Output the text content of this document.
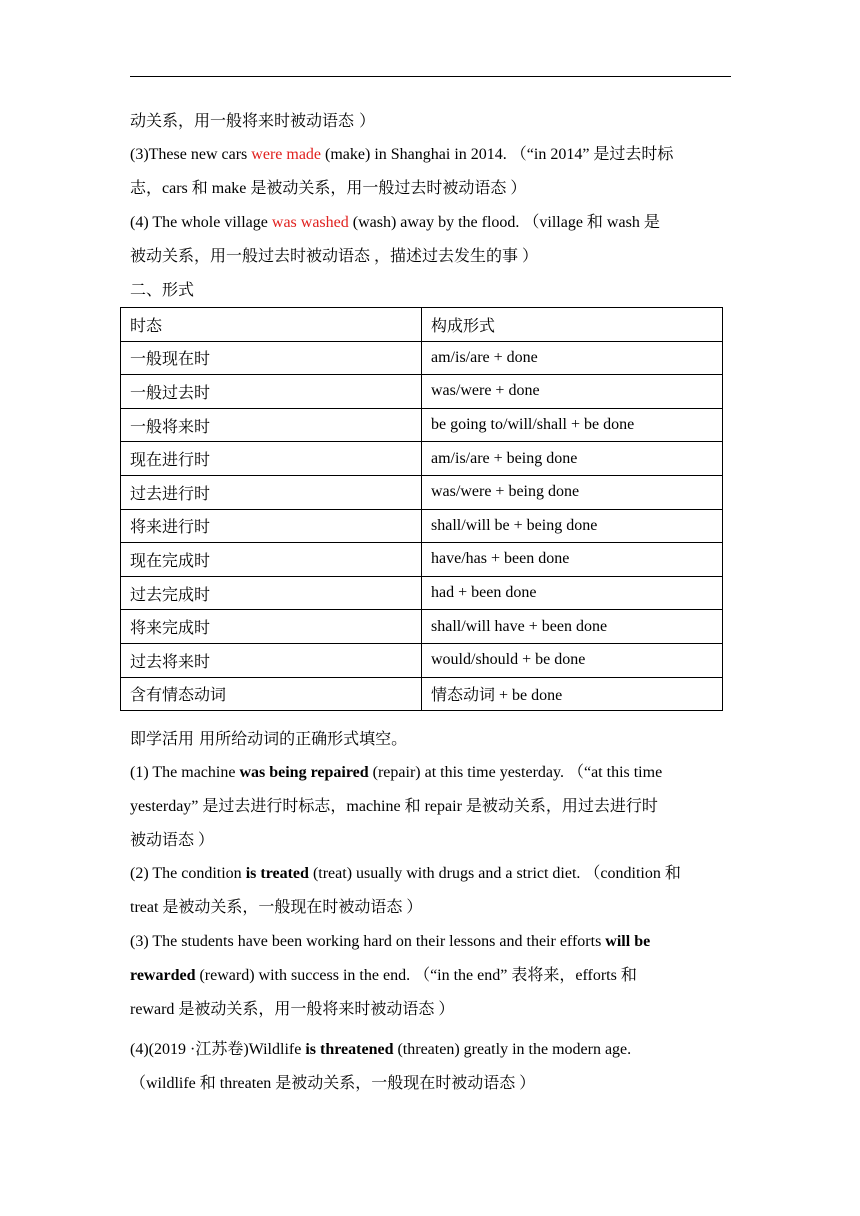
动关系，用一般将来时被动语态 ）
(3)These new cars were made (make) in Shanghai in 2014. （“in 2014” 是过去时标
志，cars 和 make 是被动关系，用一般过去时被动语态 ）
(4) The whole village was washed (wash) away by the flood. （village 和 wash 是
被动关系，用一般过去时被动语态 ，描述过去发生的事 ）
二、形式
时态	构成形式
一般现在时	am/is/are + done
一般过去时	was/were + done
一般将来时	be going to/will/shall + be done
现在进行时	am/is/are + being done
过去进行时	was/were + being done
将来进行时	shall/will be + being done
现在完成时	have/has + been done
过去完成时	had + been done
将来完成时	shall/will have + been done
过去将来时	would/should + be done
含有情态动词	情态动词 + be done
即学活用 用所给动词的正确形式填空。
(1) The machine was being repaired (repair) at this time yesterday. （“at this time
yesterday” 是过去进行时标志，machine 和 repair 是被动关系，用过去进行时
被动语态 ）
(2) The condition is treated (treat) usually with drugs and a strict diet. （condition 和
treat 是被动关系，一般现在时被动语态 ）
(3) The students have been working hard on their lessons and their efforts will be
rewarded (reward) with success in the end. （“in the end” 表将来，efforts 和
reward 是被动关系，用一般将来时被动语态 ）
(4)(2019 ·江苏卷)Wildlife is threatened (threaten) greatly in the modern age.
（wildlife 和 threaten 是被动关系，一般现在时被动语态 ）
